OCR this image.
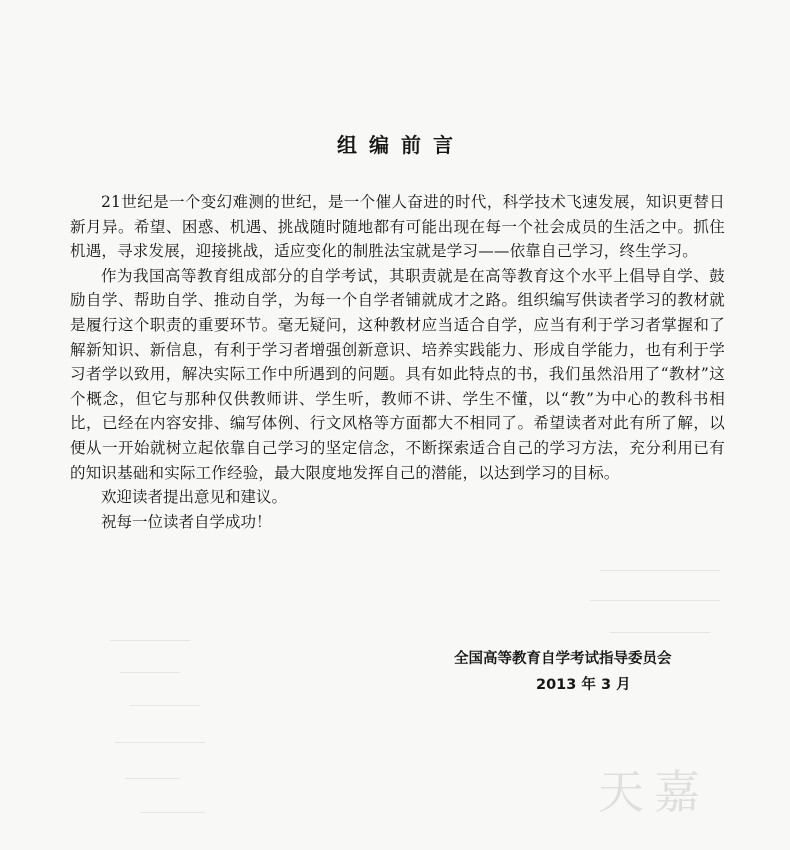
组编前言

21世纪是一个变幻难测的世纪，是一个催人奋进的时代，科学技术飞速发展，知识更替日新月异。希望、困惑、机遇、挑战随时随地都有可能出现在每一个社会成员的生活之中。抓住机遇，寻求发展，迎接挑战，适应变化的制胜法宝就是学习——依靠自己学习，终生学习。

作为我国高等教育组成部分的自学考试，其职责就是在高等教育这个水平上倡导自学、鼓励自学、帮助自学、推动自学，为每一个自学者铺就成才之路。组织编写供读者学习的教材就是履行这个职责的重要环节。毫无疑问，这种教材应当适合自学，应当有利于学习者掌握和了解新知识、新信息，有利于学习者增强创新意识、培养实践能力、形成自学能力，也有利于学习者学以致用，解决实际工作中所遇到的问题。具有如此特点的书，我们虽然沿用了“教材”这个概念，但它与那种仅供教师讲、学生听，教师不讲、学生不懂，以“教”为中心的教科书相比，已经在内容安排、编写体例、行文风格等方面都大不相同了。希望读者对此有所了解，以便从一开始就树立起依靠自己学习的坚定信念，不断探索适合自己的学习方法，充分利用已有的知识基础和实际工作经验，最大限度地发挥自己的潜能，以达到学习的目标。

欢迎读者提出意见和建议。

祝每一位读者自学成功！

全国高等教育自学考试指导委员会
2013 年 3 月
天嘉
